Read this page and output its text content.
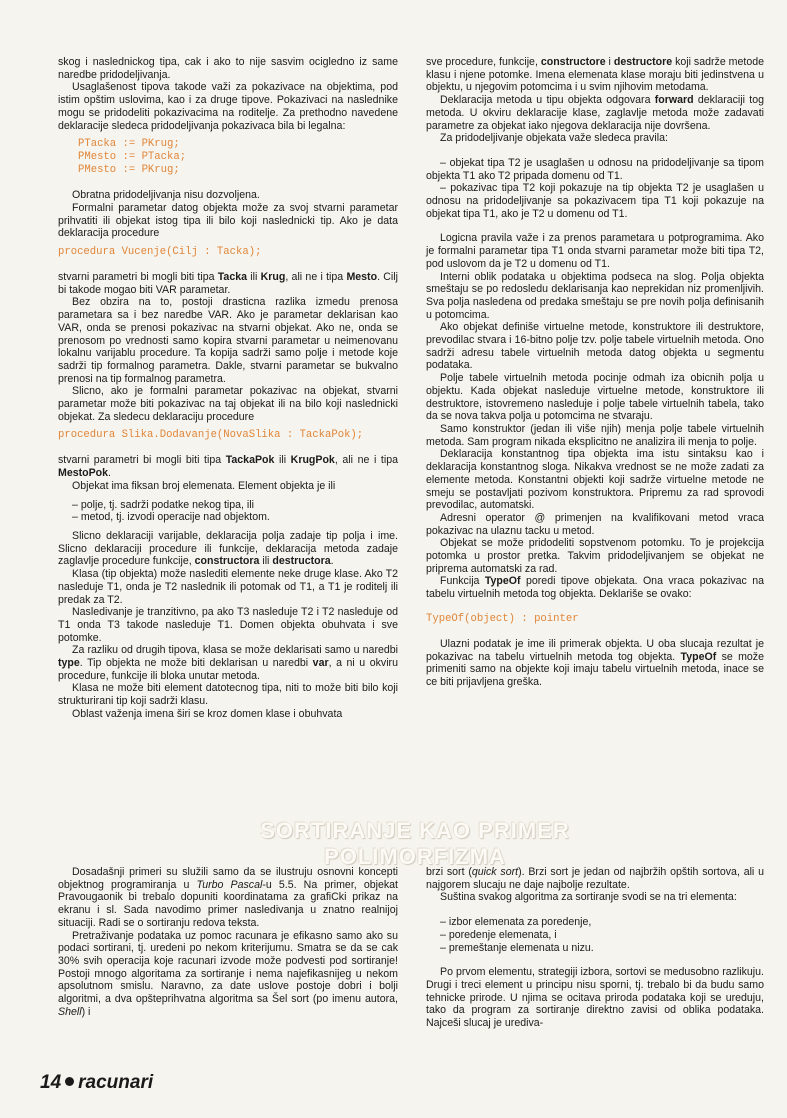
skog i naslednickog tipa, cak i ako to nije sasvim ocigledno iz same naredbe pridodeljivanja.

Usaglašenost tipova takode važi za pokazivace na objektima, pod istim opštim uslovima, kao i za druge tipove. Pokazivaci na naslednike mogu se pridodeliti pokazivacima na roditelje. Za prethodno navedene deklaracije sledeca pridodeljivanja pokazivaca bila bi legalna:

PTacka := PKrug;
PMesto := PTacka;
PMesto := PKrug;

Obratna pridodeljivanja nisu dozvoljena.

Formalni parametar datog objekta može za svoj stvarni parametar prihvatiti ili objekat istog tipa ili bilo koji naslednicki tip. Ako je data deklaracija procedure

procedura Vucenje(Cilj : Tacka);

stvarni parametri bi mogli biti tipa Tacka ili Krug, ali ne i tipa Mesto. Cilj bi takode mogao biti VAR parametar.

Bez obzira na to, postoji drasticna razlika izmedu prenosa parametara sa i bez naredbe VAR. Ako je parametar deklarisan kao VAR, onda se prenosi pokazivac na stvarni objekat. Ako ne, onda se prenosom po vrednosti samo kopira stvarni parametar u neimenovanu lokalnu varijablu procedure. Ta kopija sadrži samo polje i metode koje sadrži tip formalnog parametra. Dakle, stvarni parametar se bukvalno prenosi na tip formalnog parametra.

Slicno, ako je formalni parametar pokazivac na objekat, stvarni parametar može biti pokazivac na taj objekat ili na bilo koji naslednicki objekat. Za sledecu deklaraciju procedure

procedura Slika.Dodavanje(NovaSlika : TackaPok);

stvarni parametri bi mogli biti tipa TackaPok ili KrugPok, ali ne i tipa MestoPok.

Objekat ima fiksan broj elemenata. Element objekta je ili

– polje, tj. sadrži podatke nekog tipa, ili

– metod, tj. izvodi operacije nad objektom.

Slicno deklaraciji varijable, deklaracija polja zadaje tip polja i ime. Slicno deklaraciji procedure ili funkcije, deklaracija metoda zadaje zaglavlje procedure funkcije, constructora ili destructora.

Klasa (tip objekta) može naslediti elemente neke druge klase. Ako T2 nasleduje T1, onda je T2 naslednik ili potomak od T1, a T1 je roditelj ili predak za T2.

Nasledivanje je tranzitivno, pa ako T3 nasleduje T2 i T2 nasleduje od T1 onda T3 takode nasleduje T1. Domen objekta obuhvata i sve potomke.

Za razliku od drugih tipova, klasa se može deklarisati samo u naredbi type. Tip objekta ne može biti deklarisan u naredbi var, a ni u okviru procedure, funkcije ili bloka unutar metoda.

Klasa ne može biti element datotecnog tipa, niti to može biti bilo koji strukturirani tip koji sadrži klasu.

Oblast važenja imena širi se kroz domen klase i obuhvata

sve procedure, funkcije, constructore i destructore koji sadrže metode klasu i njene potomke. Imena elemenata klase moraju biti jedinstvena u objektu, u njegovim potomcima i u svim njihovim metodama.

Deklaracija metoda u tipu objekta odgovara forward deklaraciji tog metoda. U okviru deklaracije klase, zaglavlje metoda može zadavati parametre za objekat iako njegova deklaracija nije dovršena.

Za pridodeljivanje objekata važe sledeca pravila:

– objekat tipa T2 je usaglašen u odnosu na pridodeljivanje sa tipom objekta T1 ako T2 pripada domenu od T1.

– pokazivac tipa T2 koji pokazuje na tip objekta T2 je usaglašen u odnosu na pridodeljivanje sa pokazivacem tipa T1 koji pokazuje na objekat tipa T1, ako je T2 u domenu od T1.

Logicna pravila važe i za prenos parametara u potprogramima. Ako je formalni parametar tipa T1 onda stvarni parametar može biti tipa T2, pod uslovom da je T2 u domenu od T1.

Interni oblik podataka u objektima podseca na slog. Polja objekta smeštaju se po redosledu deklarisanja kao neprekidan niz promenljivih. Sva polja nasledena od predaka smeštaju se pre novih polja definisanih u potomcima.

Ako objekat definiše virtuelne metode, konstruktore ili destruktore, prevodilac stvara i 16-bitno polje tzv. polje tabele virtuelnih metoda. Ono sadrži adresu tabele virtuelnih metoda datog objekta u segmentu podataka.

Polje tabele virtuelnih metoda pocinje odmah iza obicnih polja u objektu. Kada objekat nasleduje virtuelne metode, konstruktore ili destruktore, istovremeno nasleduje i polje tabele virtuelnih tabela, tako da se nova takva polja u potomcima ne stvaraju.

Samo konstruktor (jedan ili više njih) menja polje tabele virtuelnih metoda. Sam program nikada eksplicitno ne analizira ili menja to polje.

Deklaracija konstantnog tipa objekta ima istu sintaksu kao i deklaracija konstantnog sloga. Nikakva vrednost se ne može zadati za elemente metoda. Konstantni objekti koji sadrže virtuelne metode ne smeju se postavljati pozivom konstruktora. Pripremu za rad sprovodi prevodilac, automatski.

Adresni operator @ primenjen na kvalifikovani metod vraca pokazivac na ulaznu tacku u metod.

Objekat se može pridodeliti sopstvenom potomku. To je projekcija potomka u prostor pretka. Takvim pridodeljivanjem se objekat ne priprema automatski za rad.

Funkcija TypeOf poredi tipove objekata. Ona vraca pokazivac na tabelu virtuelnih metoda tog objekta. Deklariše se ovako:

TypeOf(object) : pointer

Ulazni podatak je ime ili primerak objekta. U oba slucaja rezultat je pokazivac na tabelu virtuelnih metoda tog objekta. TypeOf se može primeniti samo na objekte koji imaju tabelu virtuelnih metoda, inace se ce biti prijavljena greška.

SORTIRANJE KAO PRIMER POLIMORFIZMA

Dosadašnji primeri su služili samo da se ilustruju osnovni koncepti objektnog programiranja u Turbo Pascal-u 5.5. Na primer, objekat Pravougaonik bi trebalo dopuniti koordinatama za grafiCki prikaz na ekranu i sl. Sada navodimo primer nasledivanja u znatno realnijoj situaciji. Radi se o sortiranju redova teksta.

Pretraživanje podataka uz pomoc racunara je efikasno samo ako su podaci sortirani, tj. uredeni po nekom kriterijumu. Smatra se da se cak 30% svih operacija koje racunari izvode može podvesti pod sortiranje! Postoji mnogo algoritama za sortiranje i nema najefikasnijeg u nekom apsolutnom smislu. Naravno, za date uslove postoje dobri i bolji algoritmi, a dva opšteprihvatna algoritma sa Šel sort (po imenu autora, Shell) i

brzi sort (quick sort). Brzi sort je jedan od najbržih opštih sortova, ali u najgorem slucaju ne daje najbolje rezultate.

Suština svakog algoritma za sortiranje svodi se na tri elementa:

– izbor elemenata za poredenje,

– poredenje elemenata, i

– premeštanje elemenata u nizu.

Po prvom elementu, strategiji izbora, sortovi se medusobno razlikuju. Drugi i treci element u principu nisu sporni, tj. trebalo bi da budu samo tehnicke prirode. U njima se ocitava priroda podataka koji se ureduju, tako da program za sortiranje direktno zavisi od oblika podataka. Najceši slucaj je uredivа-

14 racunari
